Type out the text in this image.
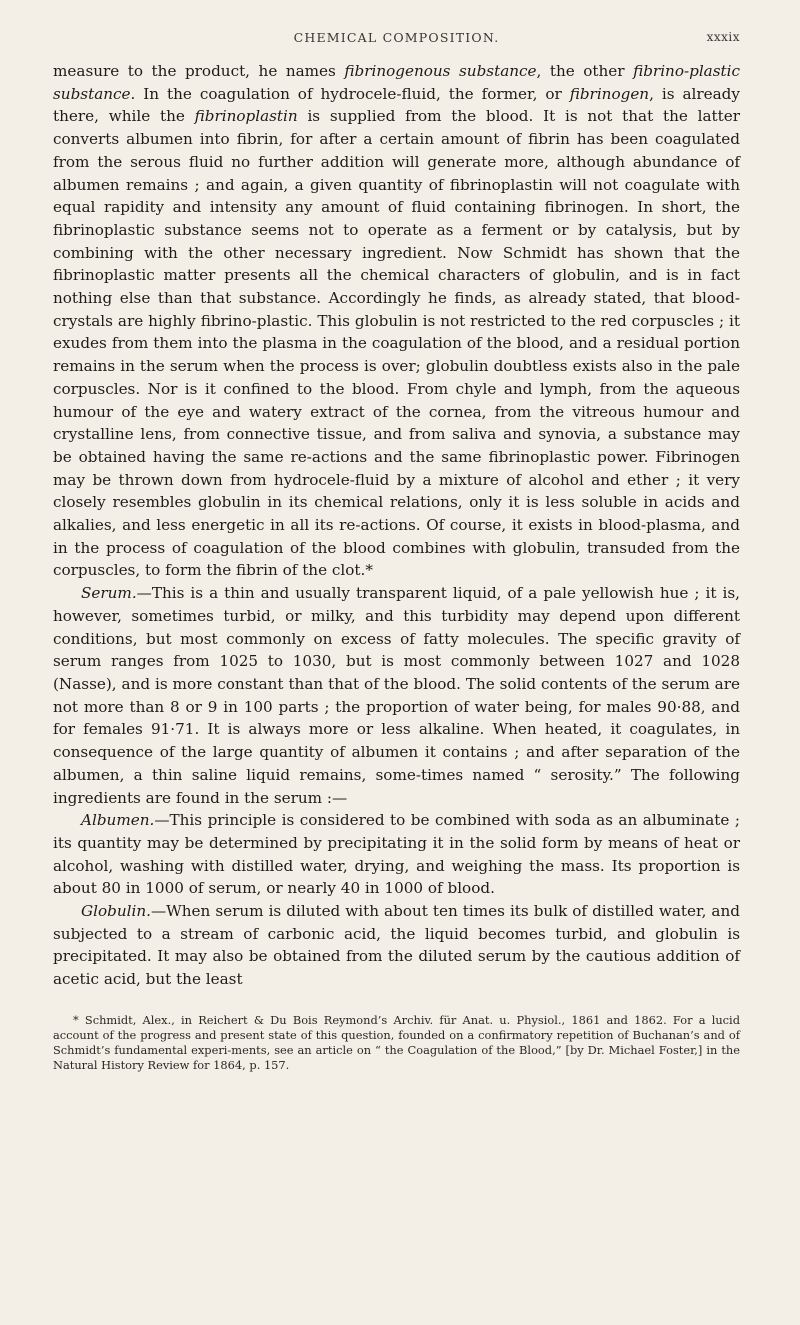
CHEMICAL COMPOSITION.	xxxix

measure to the product, he names fibrinogenous substance, the other fibrino-plastic substance. In the coagulation of hydrocele-fluid, the former, or fibrinogen, is already there, while the fibrinoplastin is supplied from the blood. It is not that the latter converts albumen into fibrin, for after a certain amount of fibrin has been coagulated from the serous fluid no further addition will generate more, although abundance of albumen remains ; and again, a given quantity of fibrinoplastin will not coagulate with equal rapidity and intensity any amount of fluid containing fibrinogen. In short, the fibrinoplastic substance seems not to operate as a ferment or by catalysis, but by combining with the other necessary ingredient. Now Schmidt has shown that the fibrinoplastic matter presents all the chemical characters of globulin, and is in fact nothing else than that substance. Accordingly he finds, as already stated, that blood-crystals are highly fibrino-plastic. This globulin is not restricted to the red corpuscles ; it exudes from them into the plasma in the coagulation of the blood, and a residual portion remains in the serum when the process is over; globulin doubtless exists also in the pale corpuscles. Nor is it confined to the blood. From chyle and lymph, from the aqueous humour of the eye and watery extract of the cornea, from the vitreous humour and crystalline lens, from connective tissue, and from saliva and synovia, a substance may be obtained having the same re-actions and the same fibrinoplastic power. Fibrinogen may be thrown down from hydrocele-fluid by a mixture of alcohol and ether ; it very closely resembles globulin in its chemical relations, only it is less soluble in acids and alkalies, and less energetic in all its re-actions. Of course, it exists in blood-plasma, and in the process of coagulation of the blood combines with globulin, transuded from the corpuscles, to form the fibrin of the clot.*

Serum.—This is a thin and usually transparent liquid, of a pale yellowish hue ; it is, however, sometimes turbid, or milky, and this turbidity may depend upon different conditions, but most commonly on excess of fatty molecules. The specific gravity of serum ranges from 1025 to 1030, but is most commonly between 1027 and 1028 (Nasse), and is more constant than that of the blood. The solid contents of the serum are not more than 8 or 9 in 100 parts ; the proportion of water being, for males 90·88, and for females 91·71. It is always more or less alkaline. When heated, it coagulates, in consequence of the large quantity of albumen it contains ; and after separation of the albumen, a thin saline liquid remains, some-times named “ serosity.” The following ingredients are found in the serum :—

Albumen.—This principle is considered to be combined with soda as an albuminate ; its quantity may be determined by precipitating it in the solid form by means of heat or alcohol, washing with distilled water, drying, and weighing the mass. Its proportion is about 80 in 1000 of serum, or nearly 40 in 1000 of blood.

Globulin.—When serum is diluted with about ten times its bulk of distilled water, and subjected to a stream of carbonic acid, the liquid becomes turbid, and globulin is precipitated. It may also be obtained from the diluted serum by the cautious addition of acetic acid, but the least

* Schmidt, Alex., in Reichert & Du Bois Reymond’s Archiv. für Anat. u. Physiol., 1861 and 1862. For a lucid account of the progress and present state of this question, founded on a confirmatory repetition of Buchanan’s and of Schmidt’s fundamental experi-ments, see an article on “ the Coagulation of the Blood,” [by Dr. Michael Foster,] in the Natural History Review for 1864, p. 157.
